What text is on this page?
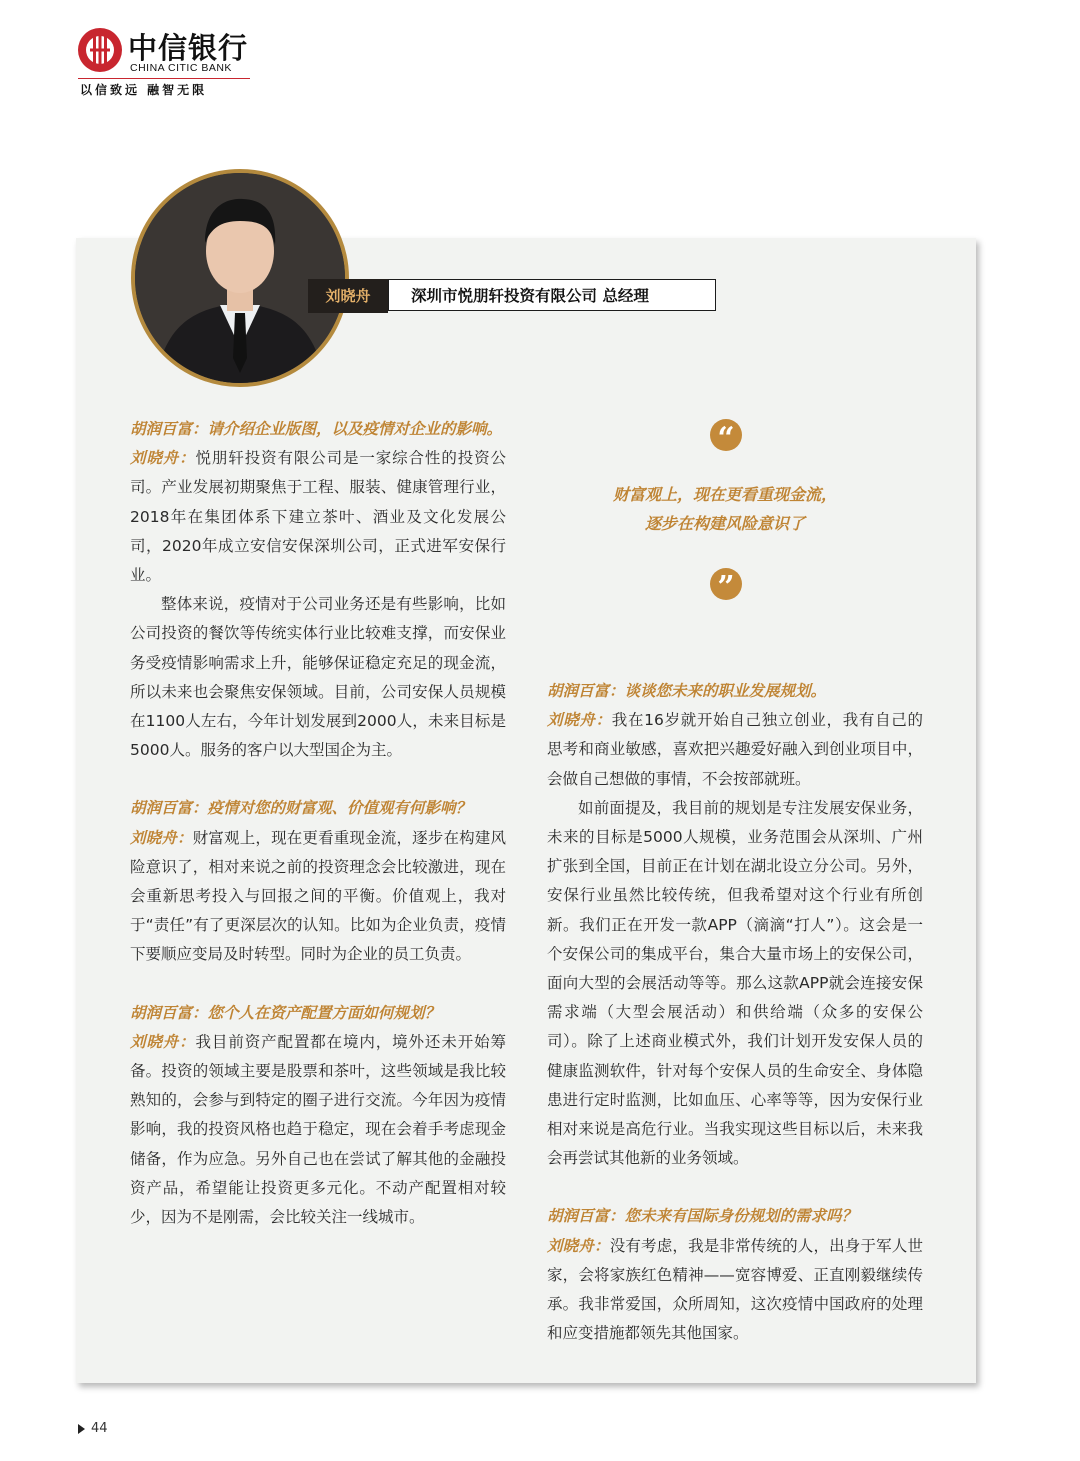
中信银行
CHINA CITIC BANK
以信致远 融智无限
刘晓舟	深圳市悦朋轩投资有限公司 总经理

胡润百富：请介绍企业版图，以及疫情对企业的影响。

刘晓舟：悦朋轩投资有限公司是一家综合性的投资公司。产业发展初期聚焦于工程、服装、健康管理行业，2018年在集团体系下建立茶叶、酒业及文化发展公司，2020年成立安信安保深圳公司，正式进军安保行业。

整体来说，疫情对于公司业务还是有些影响，比如公司投资的餐饮等传统实体行业比较难支撑，而安保业务受疫情影响需求上升，能够保证稳定充足的现金流，所以未来也会聚焦安保领域。目前，公司安保人员规模在1100人左右，今年计划发展到2000人，未来目标是5000人。服务的客户以大型国企为主。

胡润百富：疫情对您的财富观、价值观有何影响？

刘晓舟：财富观上，现在更看重现金流，逐步在构建风险意识了，相对来说之前的投资理念会比较激进，现在会重新思考投入与回报之间的平衡。价值观上，我对于“责任”有了更深层次的认知。比如为企业负责，疫情下要顺应变局及时转型。同时为企业的员工负责。

胡润百富：您个人在资产配置方面如何规划？

刘晓舟：我目前资产配置都在境内，境外还未开始筹备。投资的领域主要是股票和茶叶，这些领域是我比较熟知的，会参与到特定的圈子进行交流。今年因为疫情影响，我的投资风格也趋于稳定，现在会着手考虑现金储备，作为应急。另外自己也在尝试了解其他的金融投资产品，希望能让投资更多元化。不动产配置相对较少，因为不是刚需，会比较关注一线城市。

“

财富观上，现在更看重现金流，

逐步在构建风险意识了

”

胡润百富：谈谈您未来的职业发展规划。

刘晓舟：我在16岁就开始自己独立创业，我有自己的思考和商业敏感，喜欢把兴趣爱好融入到创业项目中，会做自己想做的事情，不会按部就班。

如前面提及，我目前的规划是专注发展安保业务，未来的目标是5000人规模，业务范围会从深圳、广州扩张到全国，目前正在计划在湖北设立分公司。另外，安保行业虽然比较传统，但我希望对这个行业有所创新。我们正在开发一款APP（滴滴“打人”）。这会是一个安保公司的集成平台，集合大量市场上的安保公司，面向大型的会展活动等等。那么这款APP就会连接安保需求端（大型会展活动）和供给端（众多的安保公司）。除了上述商业模式外，我们计划开发安保人员的健康监测软件，针对每个安保人员的生命安全、身体隐患进行定时监测，比如血压、心率等等，因为安保行业相对来说是高危行业。当我实现这些目标以后，未来我会再尝试其他新的业务领域。

胡润百富：您未来有国际身份规划的需求吗？

刘晓舟：没有考虑，我是非常传统的人，出身于军人世家，会将家族红色精神——宽容博爱、正直刚毅继续传承。我非常爱国，众所周知，这次疫情中国政府的处理和应变措施都领先其他国家。

44
